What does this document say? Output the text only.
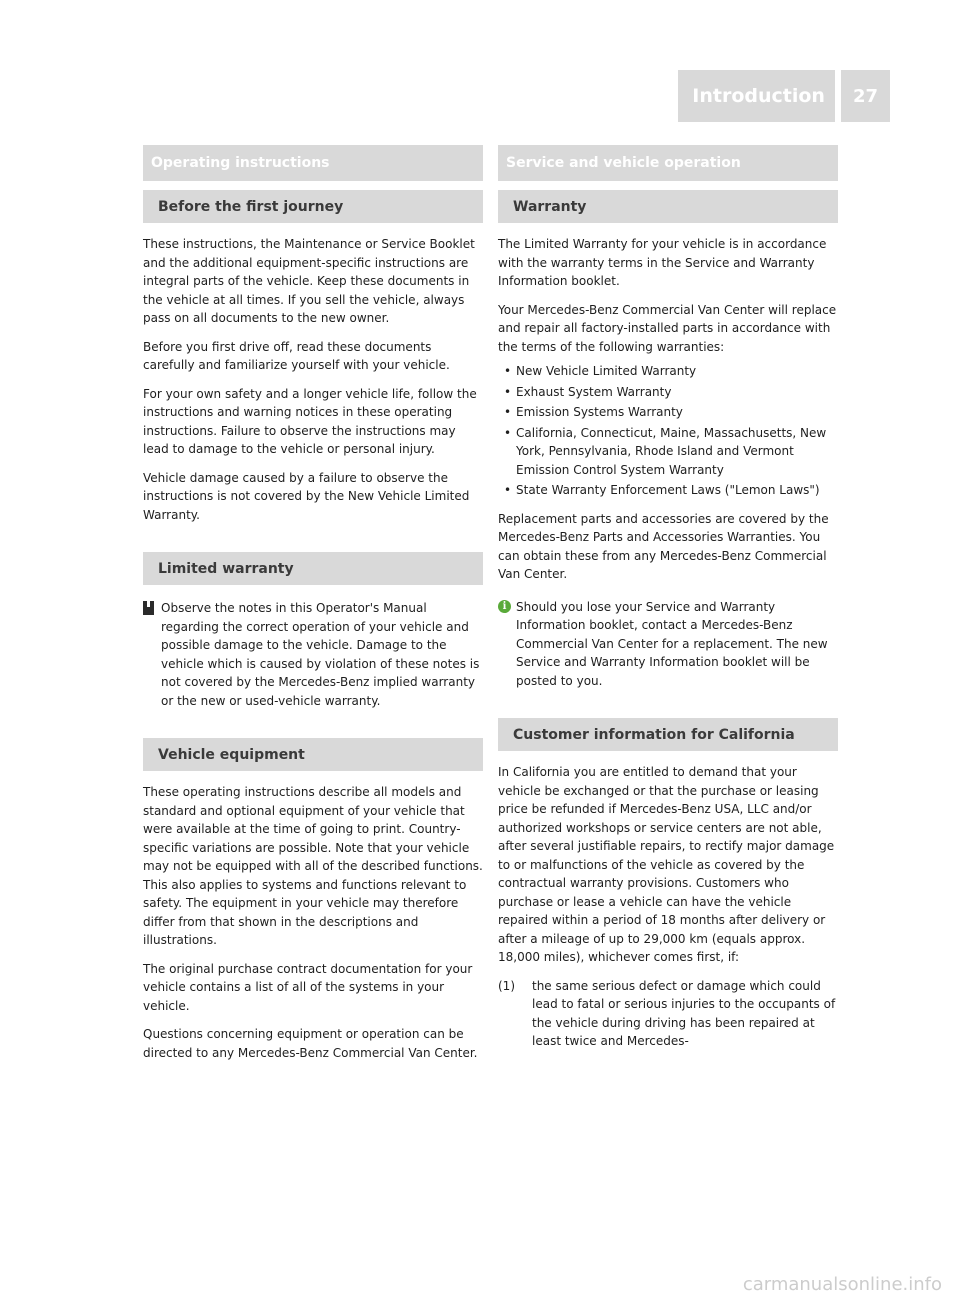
Introduction	27
Operating instructions
Before the first journey

These instructions, the Maintenance or Service Booklet and the additional equipment-specific instructions are integral parts of the vehicle. Keep these documents in the vehicle at all times. If you sell the vehicle, always pass on all documents to the new owner.

Before you first drive off, read these documents carefully and familiarize yourself with your vehicle.

For your own safety and a longer vehicle life, follow the instructions and warning notices in these operating instructions. Failure to observe the instructions may lead to damage to the vehicle or personal injury.

Vehicle damage caused by a failure to observe the instructions is not covered by the New Vehicle Limited Warranty.

Limited warranty
Observe the notes in this Operator's Manual regarding the correct operation of your vehicle and possible damage to the vehicle. Damage to the vehicle which is caused by violation of these notes is not covered by the Mercedes-Benz implied warranty or the new or used-vehicle warranty.
Vehicle equipment

These operating instructions describe all models and standard and optional equipment of your vehicle that were available at the time of going to print. Country-specific variations are possible. Note that your vehicle may not be equipped with all of the described functions. This also applies to systems and functions relevant to safety. The equipment in your vehicle may therefore differ from that shown in the descriptions and illustrations.

The original purchase contract documentation for your vehicle contains a list of all of the systems in your vehicle.

Questions concerning equipment or operation can be directed to any Mercedes-Benz Commercial Van Center.

Service and vehicle operation
Warranty

The Limited Warranty for your vehicle is in accordance with the warranty terms in the Service and Warranty Information booklet.

Your Mercedes-Benz Commercial Van Center will replace and repair all factory-installed parts in accordance with the terms of the following warranties:

• New Vehicle Limited Warranty
• Exhaust System Warranty
• Emission Systems Warranty
• California, Connecticut, Maine, Massachusetts, New York, Pennsylvania, Rhode Island and Vermont Emission Control System Warranty
• State Warranty Enforcement Laws ("Lemon Laws")

Replacement parts and accessories are covered by the Mercedes-Benz Parts and Accessories Warranties. You can obtain these from any Mercedes-Benz Commercial Van Center.

i Should you lose your Service and Warranty Information booklet, contact a Mercedes-Benz Commercial Van Center for a replacement. The new Service and Warranty Information booklet will be posted to you.
Customer information for California

In California you are entitled to demand that your vehicle be exchanged or that the purchase or leasing price be refunded if Mercedes-Benz USA, LLC and/or authorized workshops or service centers are not able, after several justifiable repairs, to rectify major damage to or malfunctions of the vehicle as covered by the contractual warranty provisions. Customers who purchase or lease a vehicle can have the vehicle repaired within a period of 18 months after delivery or after a mileage of up to 29,000 km (equals approx. 18,000 miles), whichever comes first, if:

(1)	the same serious defect or damage which could lead to fatal or serious injuries to the occupants of the vehicle during driving has been repaired at least twice and Mercedes-
carmanualsonline.info
